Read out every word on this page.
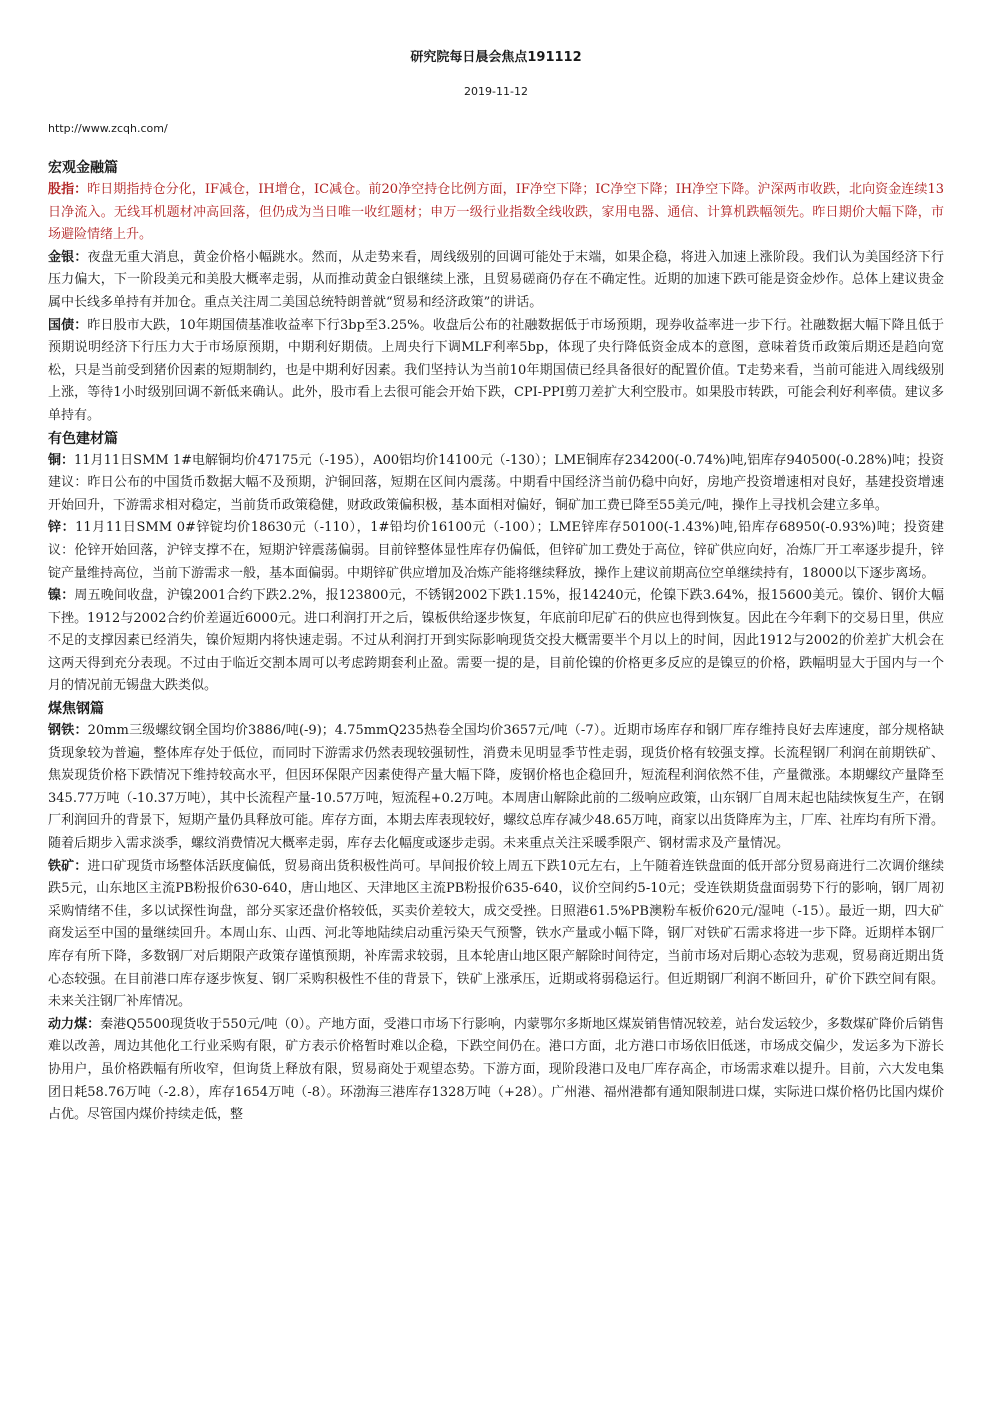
研究院每日晨会焦点191112
2019-11-12
http://www.zcqh.com/
宏观金融篇

股指：昨日期指持仓分化，IF减仓，IH增仓，IC减仓。前20净空持仓比例方面，IF净空下降；IC净空下降；IH净空下降。沪深两市收跌，北向资金连续13日净流入。无线耳机题材冲高回落，但仍成为当日唯一收红题材；申万一级行业指数全线收跌，家用电器、通信、计算机跌幅领先。昨日期价大幅下降，市场避险情绪上升。

金银：夜盘无重大消息，黄金价格小幅跳水。然而，从走势来看，周线级别的回调可能处于末端，如果企稳，将进入加速上涨阶段。我们认为美国经济下行压力偏大，下一阶段美元和美股大概率走弱，从而推动黄金白银继续上涨，且贸易磋商仍存在不确定性。近期的加速下跌可能是资金炒作。总体上建议贵金属中长线多单持有并加仓。重点关注周二美国总统特朗普就“贸易和经济政策”的讲话。

国债：昨日股市大跌，10年期国债基准收益率下行3bp至3.25%。收盘后公布的社融数据低于市场预期，现券收益率进一步下行。社融数据大幅下降且低于预期说明经济下行压力大于市场原预期，中期利好期债。上周央行下调MLF利率5bp，体现了央行降低资金成本的意图，意味着货币政策后期还是趋向宽松，只是当前受到猪价因素的短期制约，也是中期利好因素。我们坚持认为当前10年期国债已经具备很好的配置价值。T走势来看，当前可能进入周线级别上涨，等待1小时级别回调不新低来确认。此外，股市看上去很可能会开始下跌，CPI-PPI剪刀差扩大利空股市。如果股市转跌，可能会利好利率债。建议多单持有。

有色建材篇

铜：11月11日SMM 1#电解铜均价47175元（-195），A00铝均价14100元（-130）；LME铜库存234200(-0.74%)吨,铝库存940500(-0.28%)吨；投资建议：昨日公布的中国货币数据大幅不及预期，沪铜回落，短期在区间内震荡。中期看中国经济当前仍稳中向好，房地产投资增速相对良好，基建投资增速开始回升，下游需求相对稳定，当前货币政策稳健，财政政策偏积极，基本面相对偏好，铜矿加工费已降至55美元/吨，操作上寻找机会建立多单。

锌：11月11日SMM 0#锌锭均价18630元（-110），1#铅均价16100元（-100）；LME锌库存50100(-1.43%)吨,铅库存68950(-0.93%)吨；投资建议：伦锌开始回落，沪锌支撑不在，短期沪锌震荡偏弱。目前锌整体显性库存仍偏低，但锌矿加工费处于高位，锌矿供应向好，冶炼厂开工率逐步提升，锌锭产量维持高位，当前下游需求一般，基本面偏弱。中期锌矿供应增加及冶炼产能将继续释放，操作上建议前期高位空单继续持有，18000以下逐步离场。

镍：周五晚间收盘，沪镍2001合约下跌2.2%，报123800元，不锈钢2002下跌1.15%，报14240元，伦镍下跌3.64%，报15600美元。镍价、钢价大幅下挫。1912与2002合约价差逼近6000元。进口利润打开之后，镍板供给逐步恢复，年底前印尼矿石的供应也得到恢复。因此在今年剩下的交易日里，供应不足的支撑因素已经消失，镍价短期内将快速走弱。不过从利润打开到实际影响现货交投大概需要半个月以上的时间，因此1912与2002的价差扩大机会在这两天得到充分表现。不过由于临近交割本周可以考虑跨期套利止盈。需要一提的是，目前伦镍的价格更多反应的是镍豆的价格，跌幅明显大于国内与一个月的情况前无锡盘大跌类似。

煤焦钢篇

钢铁：20mm三级螺纹钢全国均价3886/吨(-9)；4.75mmQ235热卷全国均价3657元/吨（-7）。近期市场库存和钢厂库存维持良好去库速度，部分规格缺货现象较为普遍，整体库存处于低位，而同时下游需求仍然表现较强韧性，消费未见明显季节性走弱，现货价格有较强支撑。长流程钢厂利润在前期铁矿、焦炭现货价格下跌情况下维持较高水平，但因环保限产因素使得产量大幅下降，废钢价格也企稳回升，短流程利润依然不佳，产量微涨。本期螺纹产量降至345.77万吨（-10.37万吨），其中长流程产量-10.57万吨，短流程+0.2万吨。本周唐山解除此前的二级响应政策，山东钢厂自周末起也陆续恢复生产，在钢厂利润回升的背景下，短期产量仍具释放可能。库存方面，本期去库表现较好，螺纹总库存减少48.65万吨，商家以出货降库为主，厂库、社库均有所下滑。随着后期步入需求淡季，螺纹消费情况大概率走弱，库存去化幅度或逐步走弱。未来重点关注采暖季限产、钢材需求及产量情况。

铁矿：进口矿现货市场整体活跃度偏低，贸易商出货积极性尚可。早间报价较上周五下跌10元左右，上午随着连铁盘面的低开部分贸易商进行二次调价继续跌5元，山东地区主流PB粉报价630-640，唐山地区、天津地区主流PB粉报价635-640，议价空间约5-10元；受连铁期货盘面弱势下行的影响，钢厂周初采购情绪不佳，多以试探性询盘，部分买家还盘价格较低，买卖价差较大，成交受挫。日照港61.5%PB澳粉车板价620元/湿吨（-15）。最近一期，四大矿商发运至中国的量继续回升。本周山东、山西、河北等地陆续启动重污染天气预警，铁水产量或小幅下降，钢厂对铁矿石需求将进一步下降。近期样本钢厂库存有所下降，多数钢厂对后期限产政策存谨慎预期，补库需求较弱，且本轮唐山地区限产解除时间待定，当前市场对后期心态较为悲观，贸易商近期出货心态较强。在目前港口库存逐步恢复、钢厂采购积极性不佳的背景下，铁矿上涨承压，近期或将弱稳运行。但近期钢厂利润不断回升，矿价下跌空间有限。未来关注钢厂补库情况。

动力煤：秦港Q5500现货收于550元/吨（0）。产地方面，受港口市场下行影响，内蒙鄂尔多斯地区煤炭销售情况较差，站台发运较少，多数煤矿降价后销售难以改善，周边其他化工行业采购有限，矿方表示价格暂时难以企稳，下跌空间仍在。港口方面，北方港口市场依旧低迷，市场成交偏少，发运多为下游长协用户，虽价格跌幅有所收窄，但询货上释放有限，贸易商处于观望态势。下游方面，现阶段港口及电厂库存高企，市场需求难以提升。目前，六大发电集团日耗58.76万吨（-2.8），库存1654万吨（-8）。环渤海三港库存1328万吨（+28）。广州港、福州港都有通知限制进口煤，实际进口煤价格仍比国内煤价占优。尽管国内煤价持续走低，整
